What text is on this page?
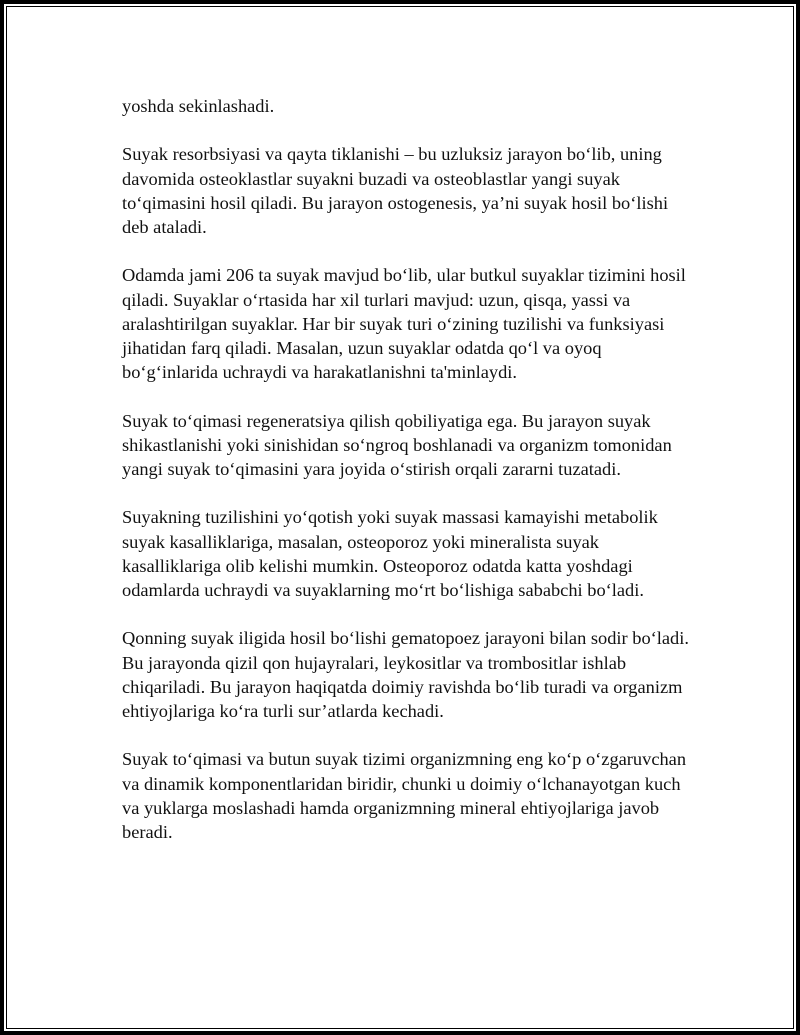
yoshda sekinlashadi.

Suyak resorbsiyasi va qayta tiklanishi – bu uzluksiz jarayon bo‘lib, uning
davomida osteoklastlar suyakni buzadi va osteoblastlar yangi suyak
to‘qimasini hosil qiladi. Bu jarayon ostogenesis, ya’ni suyak hosil bo‘lishi
deb ataladi.

Odamda jami 206 ta suyak mavjud bo‘lib, ular butkul suyaklar tizimini hosil
qiladi. Suyaklar o‘rtasida har xil turlari mavjud: uzun, qisqa, yassi va
aralashtirilgan suyaklar. Har bir suyak turi o‘zining tuzilishi va funksiyasi
jihatidan farq qiladi. Masalan, uzun suyaklar odatda qo‘l va oyoq
bo‘g‘inlarida uchraydi va harakatlanishni ta'minlaydi.

Suyak to‘qimasi regeneratsiya qilish qobiliyatiga ega. Bu jarayon suyak
shikastlanishi yoki sinishidan so‘ngroq boshlanadi va organizm tomonidan
yangi suyak to‘qimasini yara joyida o‘stirish orqali zararni tuzatadi.

Suyakning tuzilishini yo‘qotish yoki suyak massasi kamayishi metabolik
suyak kasalliklariga, masalan, osteoporoz yoki mineralista suyak
kasalliklariga olib kelishi mumkin. Osteoporoz odatda katta yoshdagi
odamlarda uchraydi va suyaklarning mo‘rt bo‘lishiga sababchi bo‘ladi.

Qonning suyak iligida hosil bo‘lishi gematopoez jarayoni bilan sodir bo‘ladi.
Bu jarayonda qizil qon hujayralari, leykositlar va trombositlar ishlab
chiqariladi. Bu jarayon haqiqatda doimiy ravishda bo‘lib turadi va organizm
ehtiyojlariga ko‘ra turli sur’atlarda kechadi.

Suyak to‘qimasi va butun suyak tizimi organizmning eng ko‘p o‘zgaruvchan
va dinamik komponentlaridan biridir, chunki u doimiy o‘lchanayotgan kuch
va yuklarga moslashadi hamda organizmning mineral ehtiyojlariga javob
beradi.
